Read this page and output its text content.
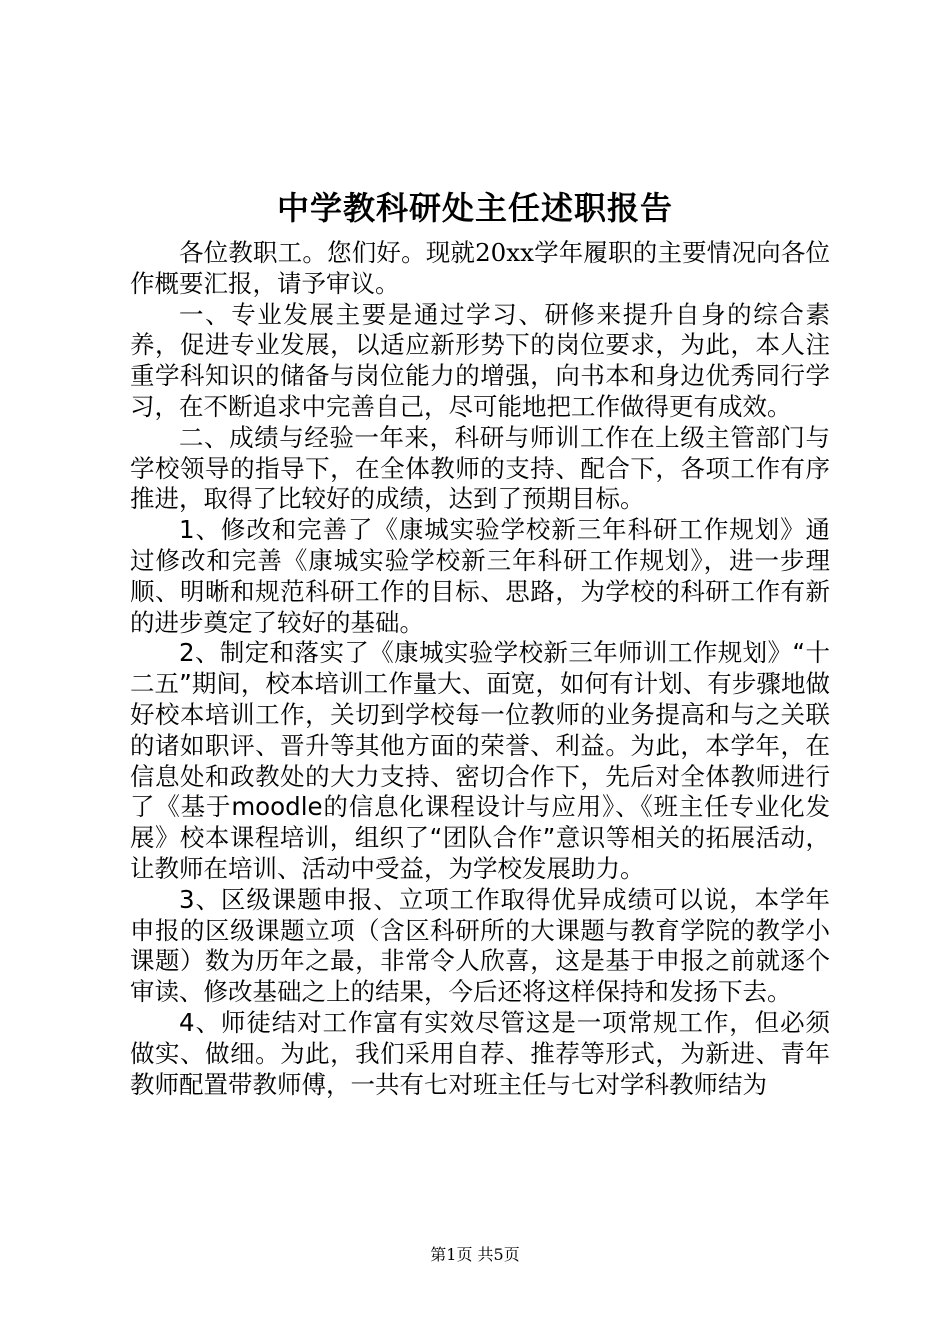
中学教科研处主任述职报告

各位教职工。您们好。现就20xx学年履职的主要情况向各位作概要汇报，请予审议。

一、专业发展主要是通过学习、研修来提升自身的综合素养，促进专业发展，以适应新形势下的岗位要求，为此，本人注重学科知识的储备与岗位能力的增强，向书本和身边优秀同行学习，在不断追求中完善自己，尽可能地把工作做得更有成效。

二、成绩与经验一年来，科研与师训工作在上级主管部门与学校领导的指导下，在全体教师的支持、配合下，各项工作有序推进，取得了比较好的成绩，达到了预期目标。

1、修改和完善了《康城实验学校新三年科研工作规划》通过修改和完善《康城实验学校新三年科研工作规划》，进一步理顺、明晰和规范科研工作的目标、思路，为学校的科研工作有新的进步奠定了较好的基础。

2、制定和落实了《康城实验学校新三年师训工作规划》“十二五”期间，校本培训工作量大、面宽，如何有计划、有步骤地做好校本培训工作，关切到学校每一位教师的业务提高和与之关联的诸如职评、晋升等其他方面的荣誉、利益。为此，本学年，在信息处和政教处的大力支持、密切合作下，先后对全体教师进行了《基于moodle的信息化课程设计与应用》、《班主任专业化发展》校本课程培训，组织了“团队合作”意识等相关的拓展活动，让教师在培训、活动中受益，为学校发展助力。

3、区级课题申报、立项工作取得优异成绩可以说，本学年申报的区级课题立项（含区科研所的大课题与教育学院的教学小课题）数为历年之最，非常令人欣喜，这是基于申报之前就逐个审读、修改基础之上的结果，今后还将这样保持和发扬下去。

4、师徒结对工作富有实效尽管这是一项常规工作，但必须做实、做细。为此，我们采用自荐、推荐等形式，为新进、青年教师配置带教师傅，一共有七对班主任与七对学科教师结为

第1页 共5页
